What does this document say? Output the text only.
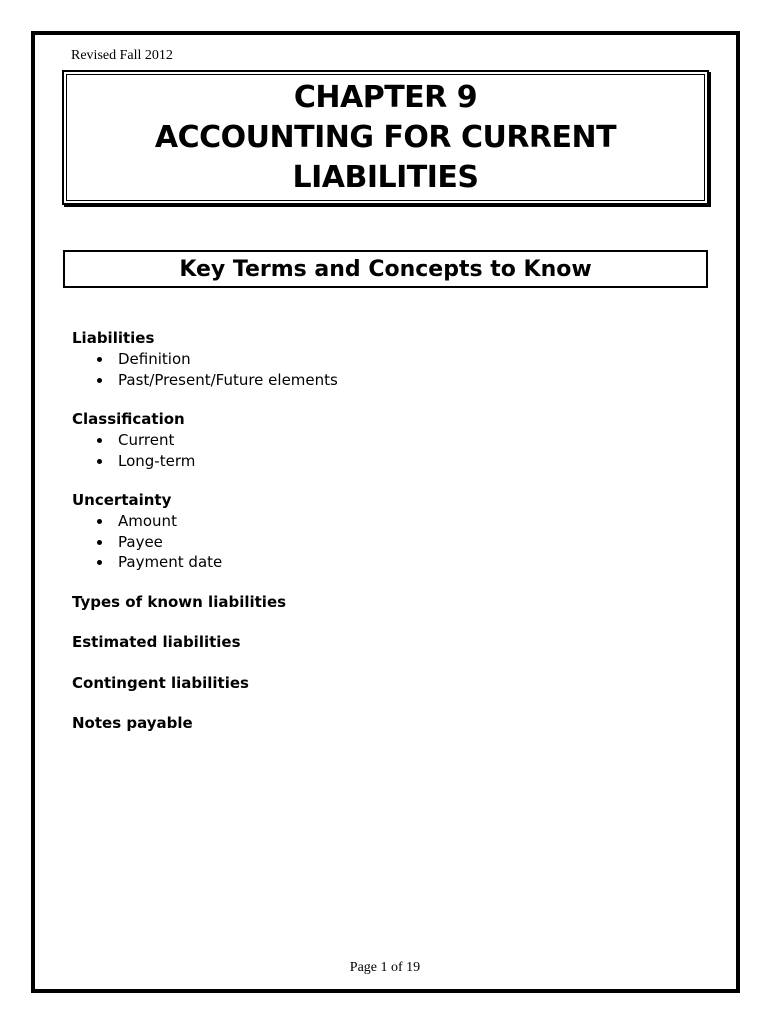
Revised Fall 2012
CHAPTER 9
ACCOUNTING FOR CURRENT
LIABILITIES
Key Terms and Concepts to Know
Liabilities
Definition
Past/Present/Future elements
Classification
Current
Long-term
Uncertainty
Amount
Payee
Payment date
Types of known liabilities
Estimated liabilities
Contingent liabilities
Notes payable
Page 1 of 19
